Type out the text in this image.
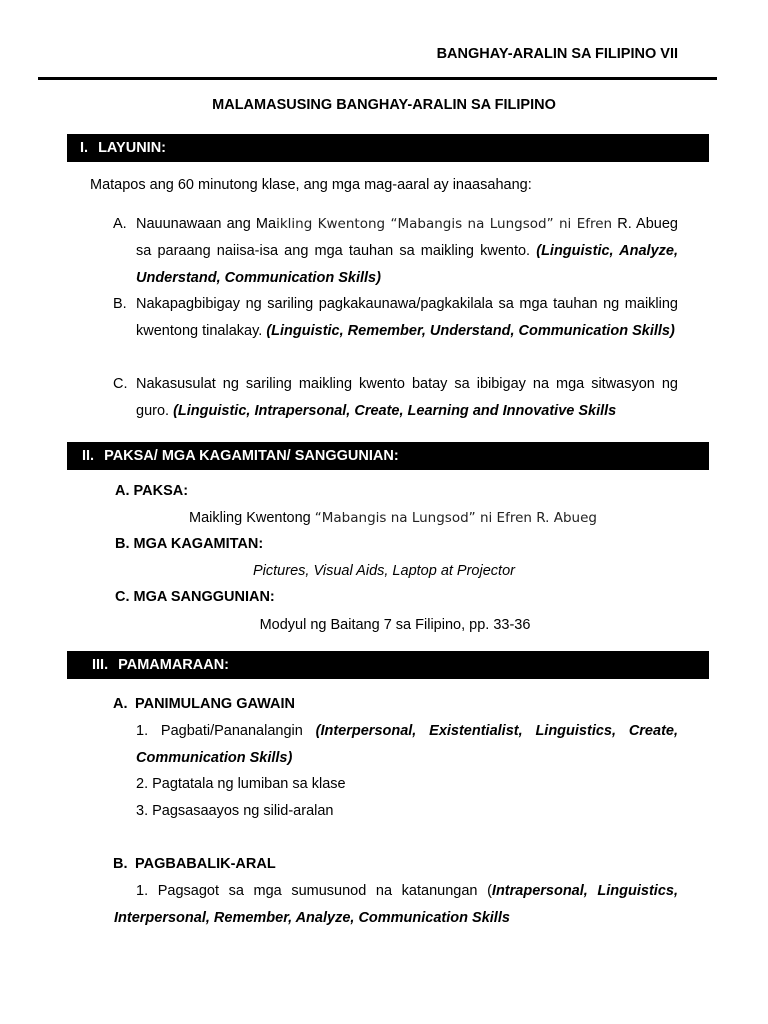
BANGHAY-ARALIN SA FILIPINO VII
MALAMASUSING BANGHAY-ARALIN SA FILIPINO
I. LAYUNIN:
Matapos ang 60 minutong klase, ang mga mag-aaral ay inaasahang:
A. Nauunawaan ang Maikling Kwentong “Mabangis na Lungsod” ni Efren R. Abueg sa paraang naiisa-isa ang mga tauhan sa maikling kwento. (Linguistic, Analyze, Understand, Communication Skills)
B. Nakapagbibigay ng sariling pagkakaunawa/pagkakilala sa mga tauhan ng maikling kwentong tinalakay. (Linguistic, Remember, Understand, Communication Skills)
C. Nakasusulat ng sariling maikling kwento batay sa ibibigay na mga sitwasyon ng guro. (Linguistic, Intrapersonal, Create, Learning and Innovative Skills
II. PAKSA/ MGA KAGAMITAN/ SANGGUNIAN:
A. PAKSA:
Maikling Kwentong “Mabangis na Lungsod” ni Efren R. Abueg
B. MGA KAGAMITAN:
Pictures, Visual Aids, Laptop at Projector
C. MGA SANGGUNIAN:
Modyul ng Baitang 7 sa Filipino, pp. 33-36
III. PAMAMARAAN:
A. PANIMULANG GAWAIN
1. Pagbati/Pananalangin (Interpersonal, Existentialist, Linguistics, Create, Communication Skills)
2. Pagtatala ng lumiban sa klase
3. Pagsasaayos ng silid-aralan
B. PAGBABALIK-ARAL
1. Pagsagot sa mga sumusunod na katanungan (Intrapersonal, Linguistics, Interpersonal, Remember, Analyze, Communication Skills
